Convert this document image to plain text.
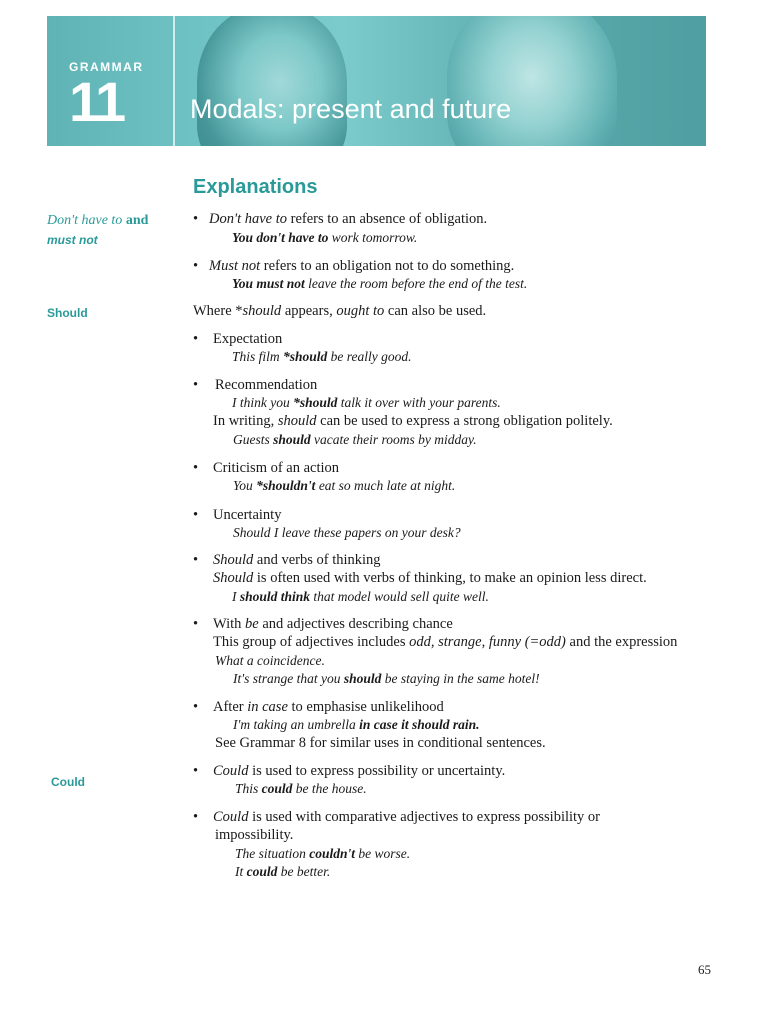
GRAMMAR
11 Modals: present and future
Explanations
Don't have to and
must not
Should
Could
•
•
•
•
•
•
•
•
•
•
•
Don't have to refers to an absence of obligation.
You don't have to work tomorrow.
Must not refers to an obligation not to do something.
You must not leave the room before the end of the test.
Where *should appears, ought to can also be used.
Expectation
This film *should be really good.
Recommendation
I think you *should talk it over with your parents.
In writing, should can be used to express a strong obligation politely.
Guests should vacate their rooms by midday.
Criticism of an action
You *shouldn't eat so much late at night.
Uncertainty
Should I leave these papers on your desk?
Should and verbs of thinking
Should is often used with verbs of thinking, to make an opinion less direct.
I should think that model would sell quite well.
With be and adjectives describing chance
This group of adjectives includes odd, strange, funny (=odd) and the expression
What a coincidence.
It's strange that you should be staying in the same hotel!
After in case to emphasise unlikelihood
I'm taking an umbrella in case it should rain.
See Grammar 8 for similar uses in conditional sentences.
Could is used to express possibility or uncertainty.
This could be the house.
Could is used with comparative adjectives to express possibility or
impossibility.
The situation couldn't be worse.
It could be better.
65
